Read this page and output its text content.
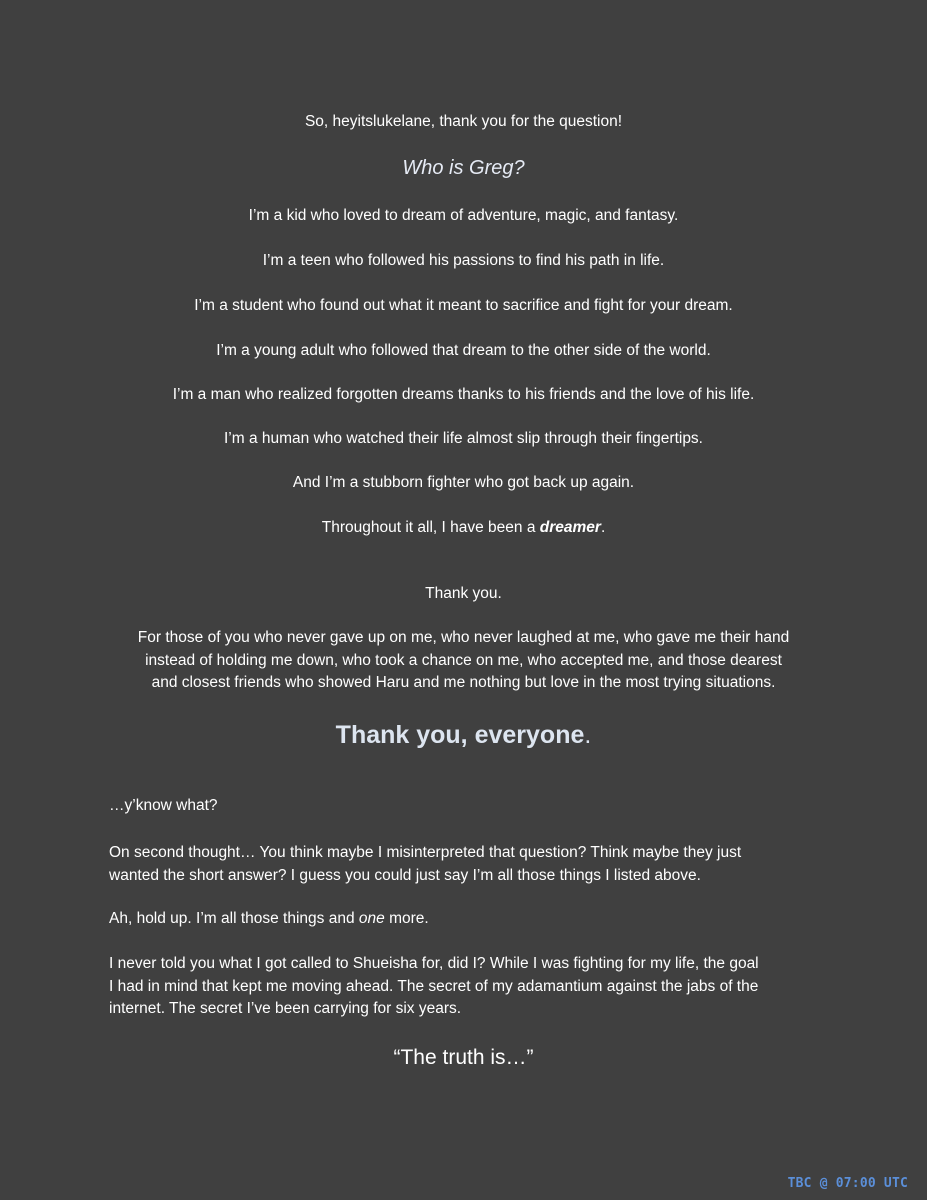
So, heyitslukelane, thank you for the question!

Who is Greg?

I’m a kid who loved to dream of adventure, magic, and fantasy.

I’m a teen who followed his passions to find his path in life.

I’m a student who found out what it meant to sacrifice and fight for your dream.

I’m a young adult who followed that dream to the other side of the world.

I’m a man who realized forgotten dreams thanks to his friends and the love of his life.

I’m a human who watched their life almost slip through their fingertips.

And I’m a stubborn fighter who got back up again.

Throughout it all, I have been a dreamer.

Thank you.

For those of you who never gave up on me, who never laughed at me, who gave me their hand
instead of holding me down, who took a chance on me, who accepted me, and those dearest
and closest friends who showed Haru and me nothing but love in the most trying situations.

Thank you, everyone.

…y’know what?

On second thought… You think maybe I misinterpreted that question? Think maybe they just
wanted the short answer? I guess you could just say I’m all those things I listed above.

Ah, hold up. I’m all those things and one more.

I never told you what I got called to Shueisha for, did I? While I was fighting for my life, the goal
I had in mind that kept me moving ahead. The secret of my adamantium against the jabs of the
internet. The secret I’ve been carrying for six years.

“The truth is…”

TBC @ 07:00 UTC
